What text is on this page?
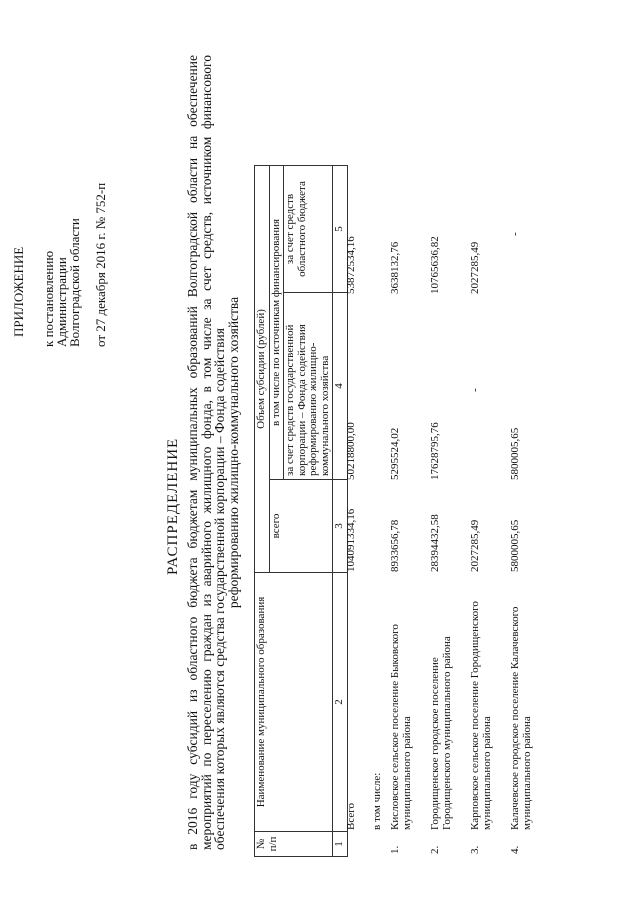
ПРИЛОЖЕНИЕ к постановлению
Администрации
Волгоградской области от 27 декабря 2016 г. № 752-п
РАСПРЕДЕЛЕНИЕ в 2016 году субсидий из областного бюджета бюджетам муниципальных образований Волгоградской области на обеспечение мероприятий по переселению граждан из аварийного жилищного фонда, в том числе за счет средств, источником финансового обеспечения которых являются средства государственной корпорации – Фонда содействия
реформированию жилищно-коммунального хозяйства
№ п/п	Наименование муниципального образования	Объем субсидии (рублей)		
		всего	в том числе по источникам финансирования	
			за счет средств государственной корпорации – Фонда содействия реформированию жилищно-коммунального хозяйства	за счет средств областного бюджета
1	2	3	4	5
	Всего	104091334,16	50218800,00	53872534,16
	в том числе:			
1.	Кисловское сельское поселение Быковского муниципального района	8933656,78	5295524,02	3638132,76
2.	Городищенское городское поселение Городищенского муниципального района	28394432,58	17628795,76	10765636,82
3.	Карповское сельское поселение Городищенского муниципального района	2027285,49	-	2027285,49
4.	Калачевское городское поселение Калачевского муниципального района	5800005,65	5800005,65	-
